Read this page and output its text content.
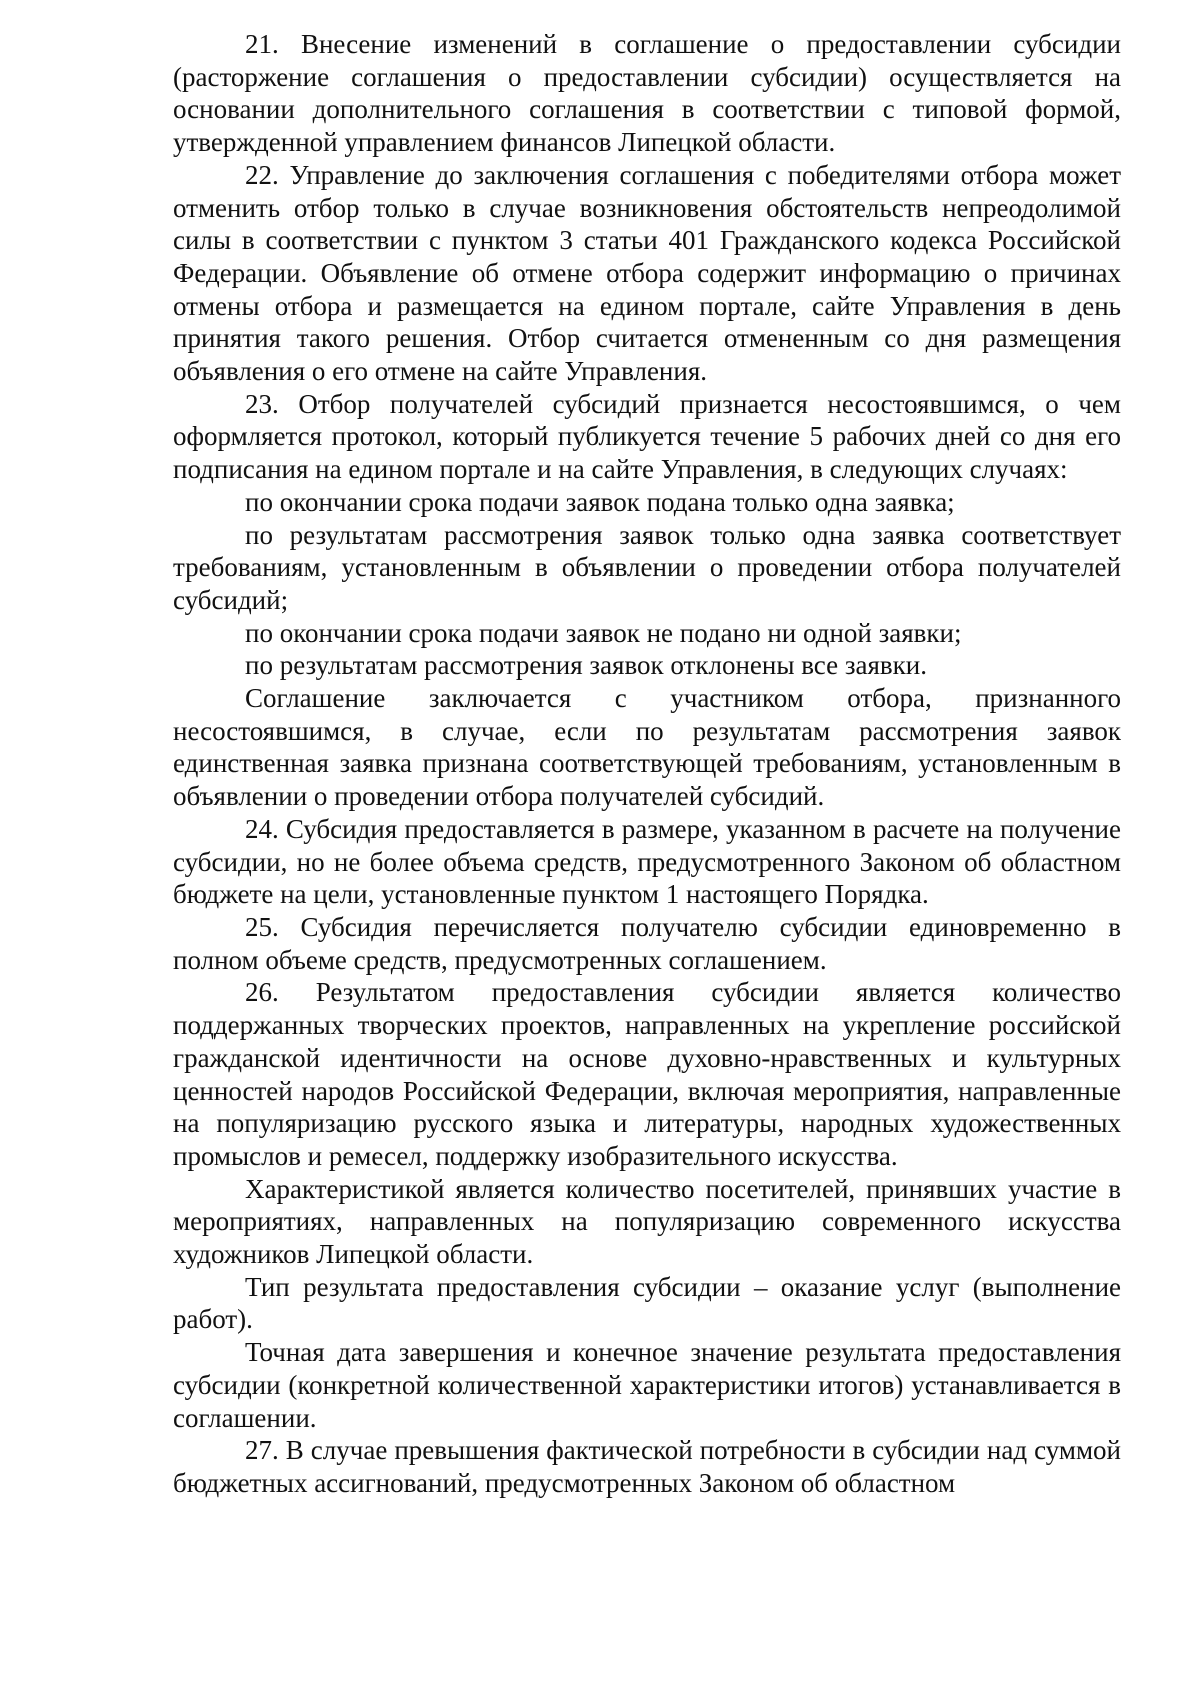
21. Внесение изменений в соглашение о предоставлении субсидии (расторжение соглашения о предоставлении субсидии) осуществляется на основании дополнительного соглашения в соответствии с типовой формой, утвержденной управлением финансов Липецкой области.

22. Управление до заключения соглашения с победителями отбора может отменить отбор только в случае возникновения обстоятельств непреодолимой силы в соответствии с пунктом 3 статьи 401 Гражданского кодекса Российской Федерации. Объявление об отмене отбора содержит информацию о причинах отмены отбора и размещается на едином портале, сайте Управления в день принятия такого решения. Отбор считается отмененным со дня размещения объявления о его отмене на сайте Управления.

23. Отбор получателей субсидий признается несостоявшимся, о чем оформляется протокол, который публикуется течение 5 рабочих дней со дня его подписания на едином портале и на сайте Управления, в следующих случаях:

по окончании срока подачи заявок подана только одна заявка;

по результатам рассмотрения заявок только одна заявка соответствует требованиям, установленным в объявлении о проведении отбора получателей субсидий;

по окончании срока подачи заявок не подано ни одной заявки;

по результатам рассмотрения заявок отклонены все заявки.

Соглашение заключается с участником отбора, признанного несостоявшимся, в случае, если по результатам рассмотрения заявок единственная заявка признана соответствующей требованиям, установленным в объявлении о проведении отбора получателей субсидий.

24. Субсидия предоставляется в размере, указанном в расчете на получение субсидии, но не более объема средств, предусмотренного Законом об областном бюджете на цели, установленные пунктом 1 настоящего Порядка.

25. Субсидия перечисляется получателю субсидии единовременно в полном объеме средств, предусмотренных соглашением.

26. Результатом предоставления субсидии является количество поддержанных творческих проектов, направленных на укрепление российской гражданской идентичности на основе духовно-нравственных и культурных ценностей народов Российской Федерации, включая мероприятия, направленные на популяризацию русского языка и литературы, народных художественных промыслов и ремесел, поддержку изобразительного искусства.

Характеристикой является количество посетителей, принявших участие в мероприятиях, направленных на популяризацию современного искусства художников Липецкой области.

Тип результата предоставления субсидии – оказание услуг (выполнение работ).

Точная дата завершения и конечное значение результата предоставления субсидии (конкретной количественной характеристики итогов) устанавливается в соглашении.

27. В случае превышения фактической потребности в субсидии над суммой бюджетных ассигнований, предусмотренных Законом об областном
